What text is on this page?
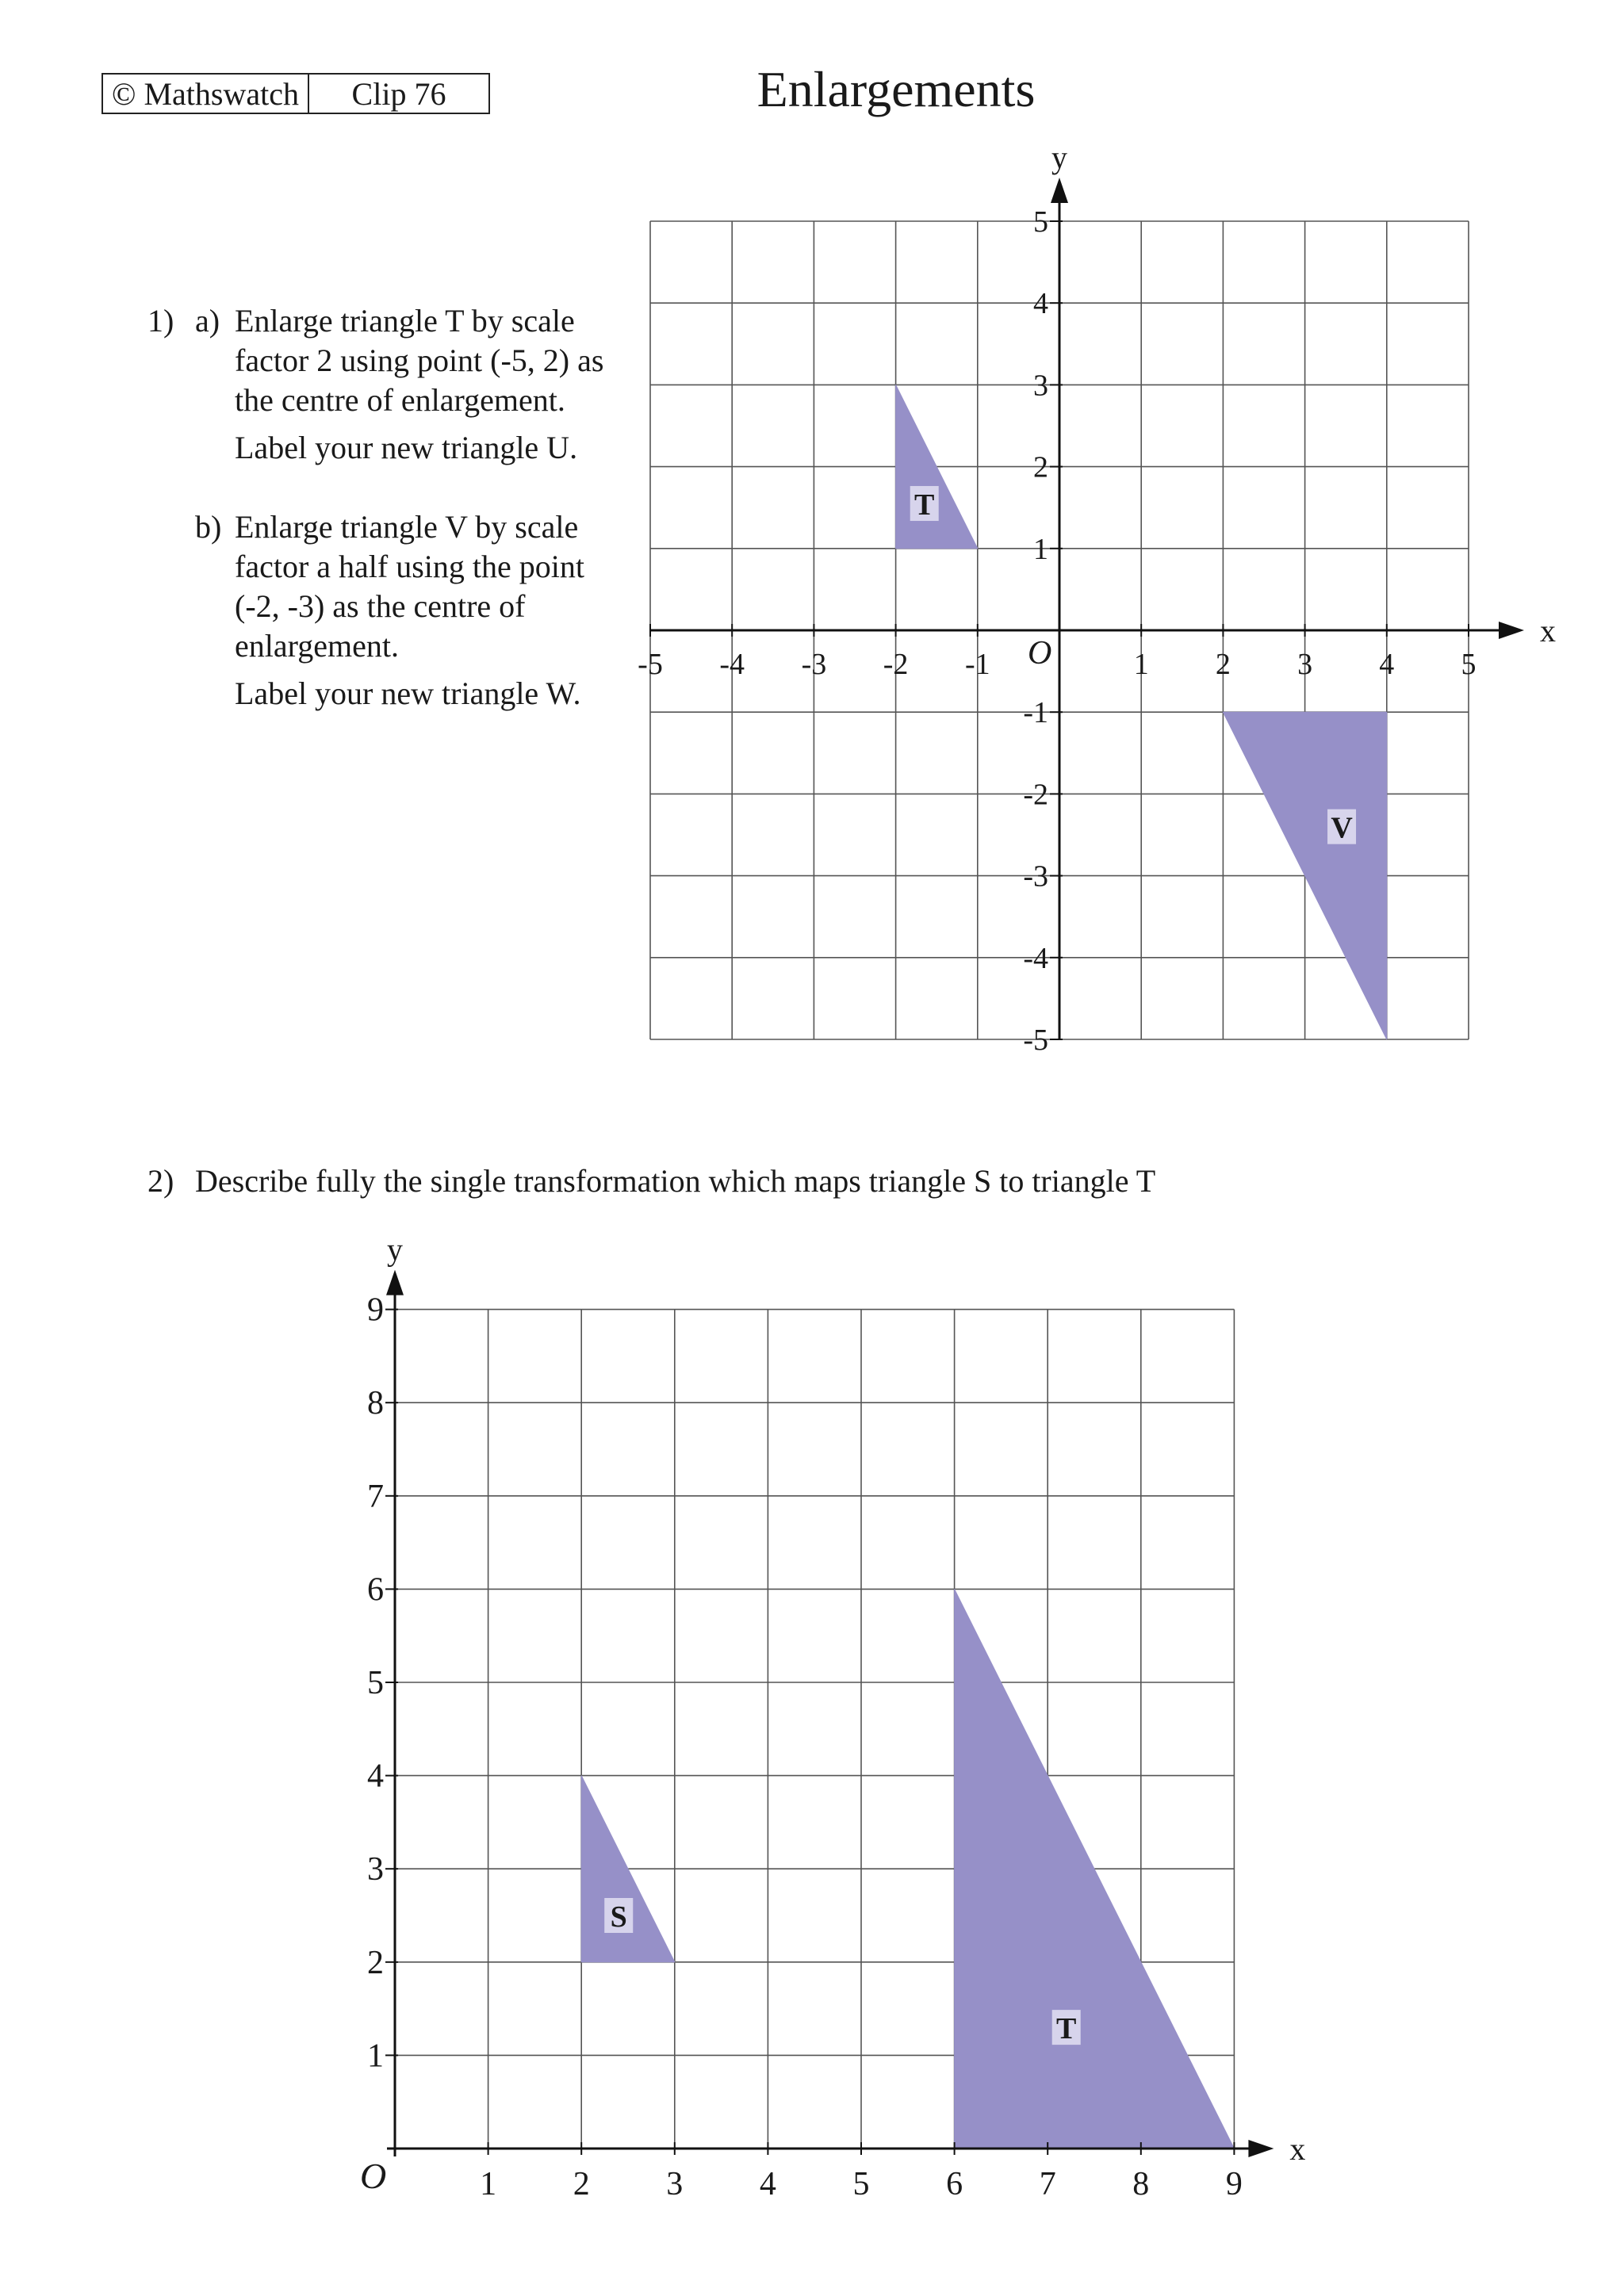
© Mathswatch	Clip 76	Enlargements
1) a) Enlarge triangle T by scale

factor 2 using point (-5, 2) as

the centre of enlargement.

Label your new triangle U.

b) Enlarge triangle V by scale

factor a half using the point

(-2, -3) as the centre of

enlargement.

Label your new triangle W.

2) Describe fully the single transformation which maps triangle S to triangle T

x
y
O
-5 -4 -3 -2 -1	1 2 3 4 5
5
4
3
2
1
-1
-2
-3
-4
-5
T
V
x
y
O	1 2 3 4 5 6 7 8 9
9
8
7
6
5
4
3
2
1
S
T
